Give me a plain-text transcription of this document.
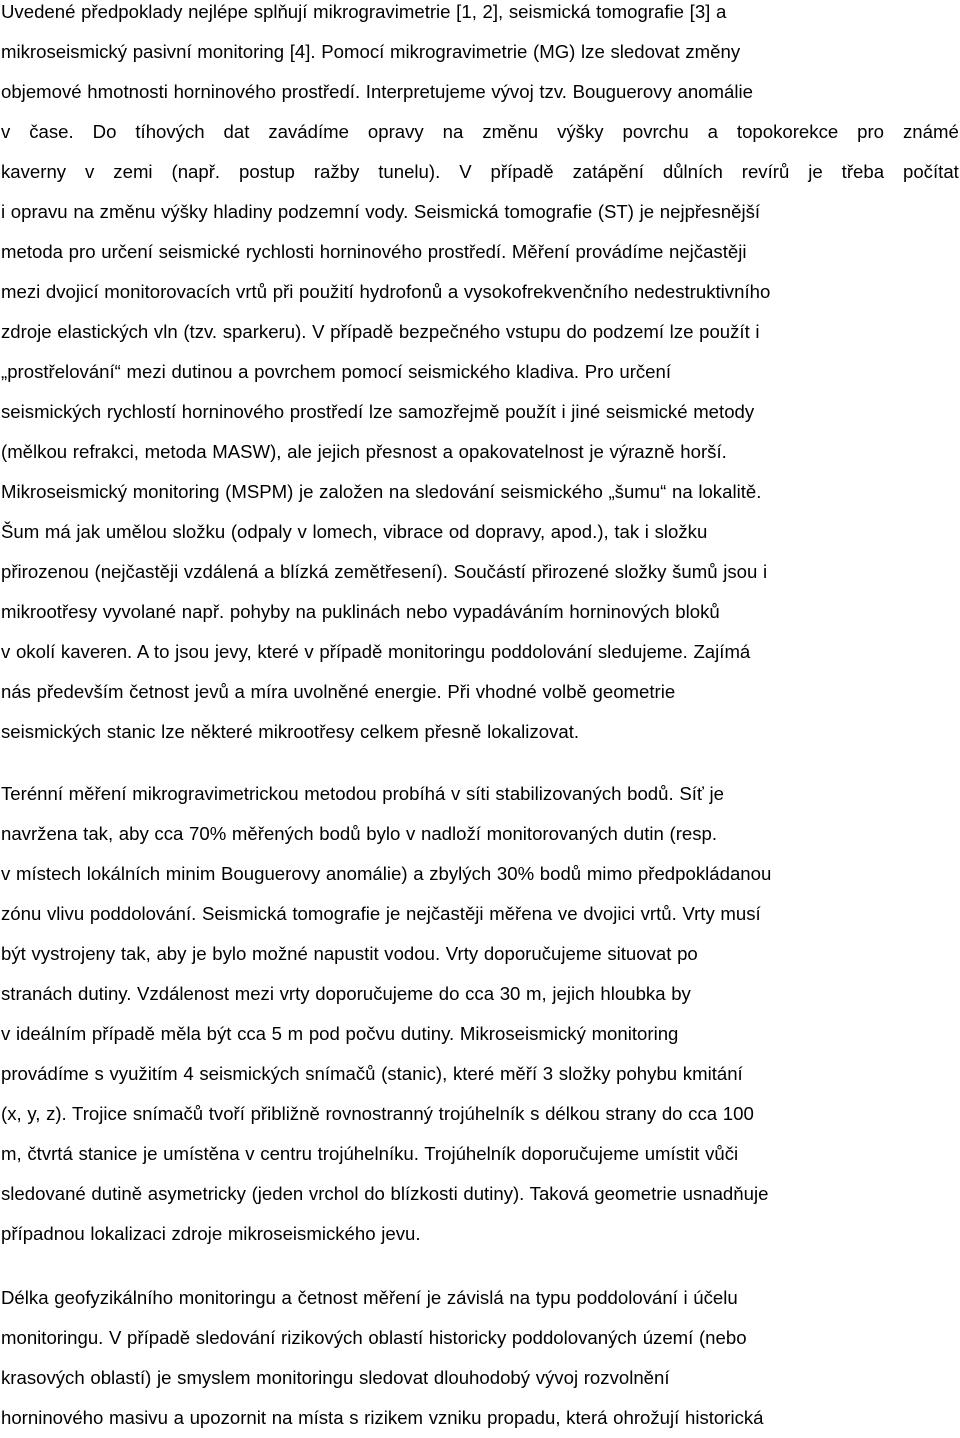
Uvedené předpoklady nejlépe splňují mikrogravimetrie [1, 2], seismická tomografie [3] a
mikroseismický pasivní monitoring [4]. Pomocí mikrogravimetrie (MG) lze sledovat změny
objemové hmotnosti horninového prostředí. Interpretujeme vývoj tzv. Bouguerovy anomálie
v čase. Do tíhových dat zavádíme opravy na změnu výšky povrchu a topokorekce pro známé
kaverny v zemi (např. postup ražby tunelu). V případě zatápění důlních revírů je třeba počítat
i opravu na změnu výšky hladiny podzemní vody. Seismická tomografie (ST) je nejpřesnější
metoda pro určení seismické rychlosti horninového prostředí. Měření provádíme nejčastěji
mezi dvojicí monitorovacích vrtů při použití hydrofonů a vysokofrekvenčního nedestruktivního
zdroje elastických vln (tzv. sparkeru). V případě bezpečného vstupu do podzemí lze použít i
„prostřelování“ mezi dutinou a povrchem pomocí seismického kladiva. Pro určení
seismických rychlostí horninového prostředí lze samozřejmě použít i jiné seismické metody
(mělkou refrakci, metoda MASW), ale jejich přesnost a opakovatelnost je výrazně horší.
Mikroseismický monitoring (MSPM) je založen na sledování seismického „šumu“ na lokalitě.
Šum má jak umělou složku (odpaly v lomech, vibrace od dopravy, apod.), tak i složku
přirozenou (nejčastěji vzdálená a blízká zemětřesení). Součástí přirozené složky šumů jsou i
mikrootřesy vyvolané např. pohyby na puklinách nebo vypadáváním horninových bloků
v okolí kaveren. A to jsou jevy, které v případě monitoringu poddolování sledujeme. Zajímá
nás především četnost jevů a míra uvolněné energie. Při vhodné volbě geometrie
seismických stanic lze některé mikrootřesy celkem přesně lokalizovat.
Terénní měření mikrogravimetrickou metodou probíhá v síti stabilizovaných bodů. Síť je
navržena tak, aby cca 70% měřených bodů bylo v nadloží monitorovaných dutin (resp.
v místech lokálních minim Bouguerovy anomálie) a zbylých 30% bodů mimo předpokládanou
zónu vlivu poddolování. Seismická tomografie je nejčastěji měřena ve dvojici vrtů. Vrty musí
být vystrojeny tak, aby je bylo možné napustit vodou. Vrty doporučujeme situovat po
stranách dutiny. Vzdálenost mezi vrty doporučujeme do cca 30 m, jejich hloubka by
v ideálním případě měla být cca 5 m pod počvu dutiny. Mikroseismický monitoring
provádíme s využitím 4 seismických snímačů (stanic), které měří 3 složky pohybu kmitání
(x, y, z). Trojice snímačů tvoří přibližně rovnostranný trojúhelník s délkou strany do cca 100
m, čtvrtá stanice je umístěna v centru trojúhelníku. Trojúhelník doporučujeme umístit vůči
sledované dutině asymetricky (jeden vrchol do blízkosti dutiny). Taková geometrie usnadňuje
případnou lokalizaci zdroje mikroseismického jevu.
Délka geofyzikálního monitoringu a četnost měření je závislá na typu poddolování i účelu
monitoringu. V případě sledování rizikových oblastí historicky poddolovaných území (nebo
krasových oblastí) je smyslem monitoringu sledovat dlouhodobý vývoj rozvolnění
horninového masivu a upozornit na místa s rizikem vzniku propadu, která ohrožují historická
